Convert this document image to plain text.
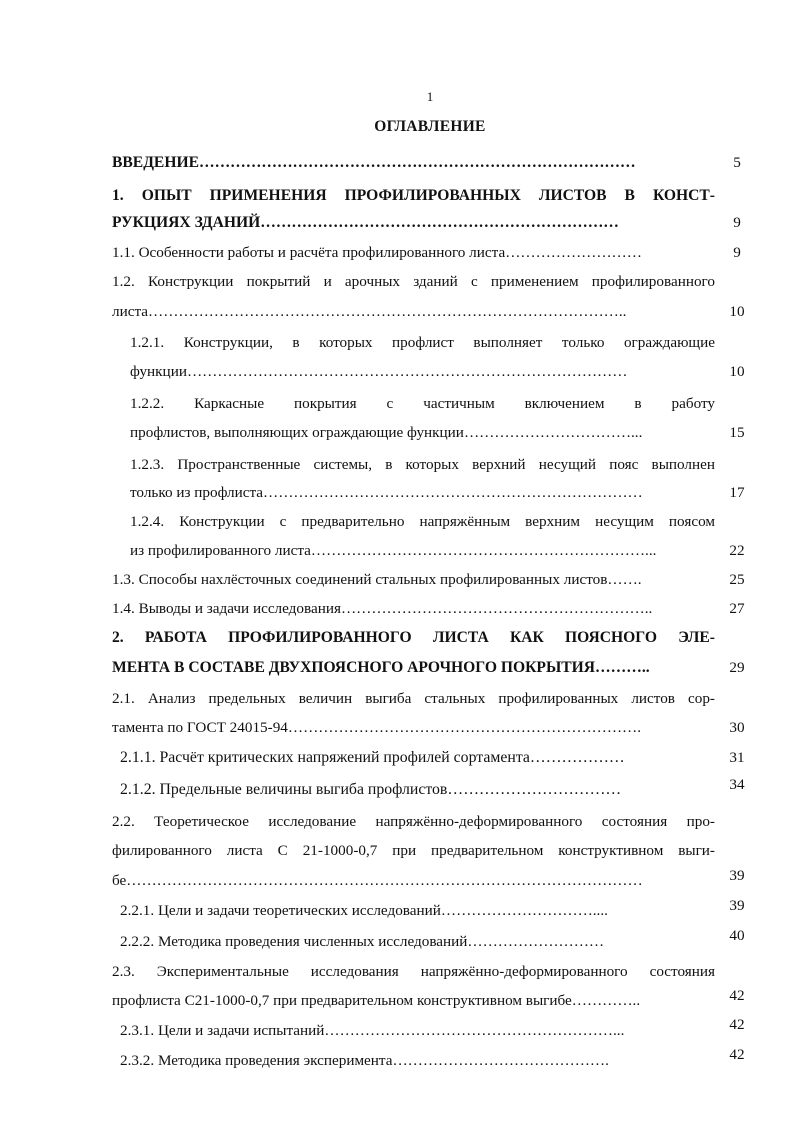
1
ОГЛАВЛЕНИЕ
ВВЕДЕНИЕ…………………………………………………………………………	5
1. ОПЫТ ПРИМЕНЕНИЯ ПРОФИЛИРОВАННЫХ ЛИСТОВ В КОНСТ-
РУКЦИЯХ ЗДАНИЙ……………………………………………………………	9
1.1. Особенности работы и расчёта профилированного листа………………………	9
1.2. Конструкции покрытий и арочных зданий с применением профилированного
листа…………………………………………………………………………………..	10
1.2.1. Конструкции, в которых профлист выполняет только ограждающие
функции……………………………………………………………………………	10
1.2.2. Каркасные покрытия с частичным включением в работу
профлистов, выполняющих ограждающие функции……………………………...	15
1.2.3. Пространственные системы, в которых верхний несущий пояс выполнен
только из профлиста…………………………………………………………………	17
1.2.4. Конструкции с предварительно напряжённым верхним несущим поясом
из профилированного листа…………………………………………………………...	22
1.3. Способы нахлёсточных соединений стальных профилированных листов…….	25
1.4. Выводы и задачи исследования……………………………………………………..	27
2. РАБОТА ПРОФИЛИРОВАННОГО ЛИСТА КАК ПОЯСНОГО ЭЛЕ-
МЕНТА В СОСТАВЕ ДВУХПОЯСНОГО АРОЧНОГО ПОКРЫТИЯ………..	29
2.1. Анализ предельных величин выгиба стальных профилированных листов сор-
тамента по ГОСТ 24015-94…………………………………………………………….	30
2.1.1. Расчёт критических напряжений профилей сортамента………………	31
2.1.2. Предельные величины выгиба профлистов……………………………	34
2.2. Теоретическое исследование напряжённо-деформированного состояния про-
филированного листа С 21-1000-0,7 при предварительном конструктивном выги-
бе…………………………………………………………………………………………	39
2.2.1. Цели и задачи теоретических исследований…………………………....	39
2.2.2. Методика проведения численных исследований………………………	40
2.3. Экспериментальные исследования напряжённо-деформированного состояния
профлиста С21-1000-0,7 при предварительном конструктивном выгибе…………..	42
2.3.1. Цели и задачи испытаний…………………………………………………...	42
2.3.2. Методика проведения эксперимента…………………………………….	42
